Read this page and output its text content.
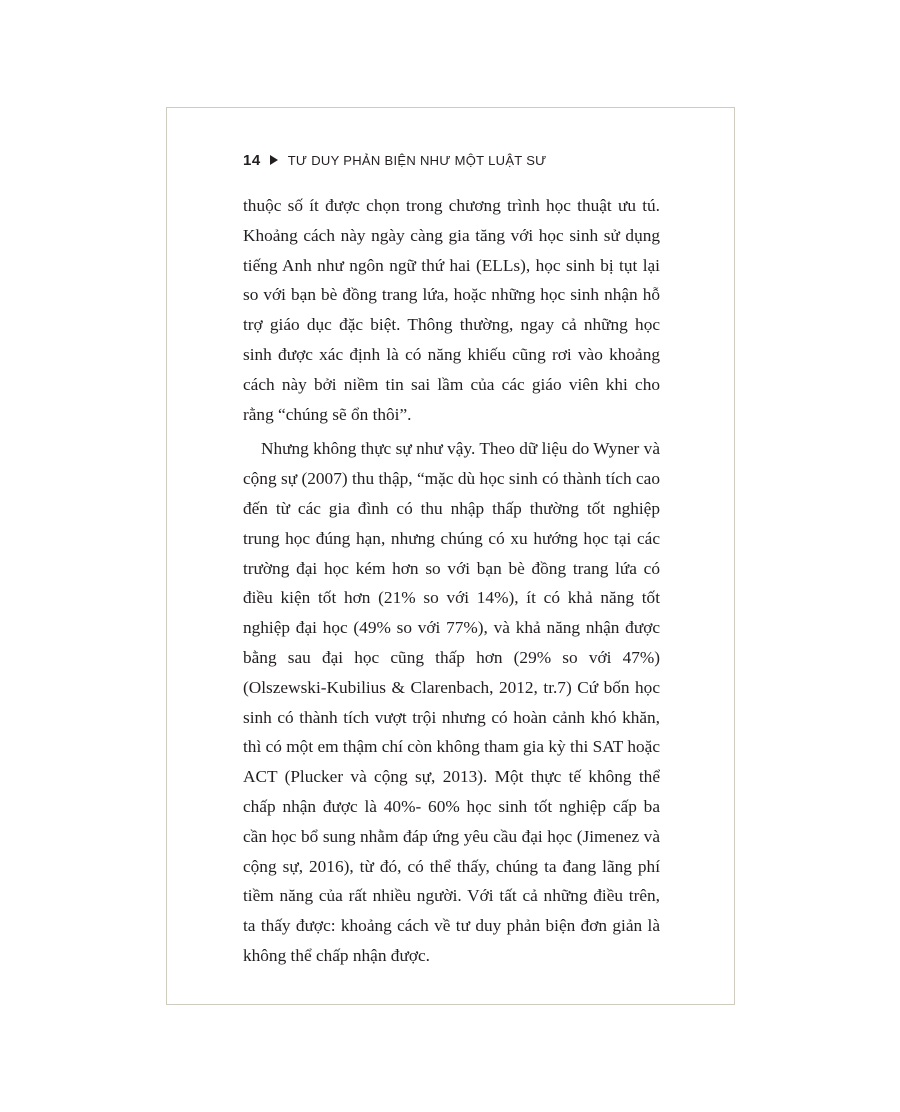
14 TƯ DUY PHẢN BIỆN NHƯ MỘT LUẬT SƯ

thuộc số ít được chọn trong chương trình học thuật ưu tú. Khoảng cách này ngày càng gia tăng với học sinh sử dụng tiếng Anh như ngôn ngữ thứ hai (ELLs), học sinh bị tụt lại so với bạn bè đồng trang lứa, hoặc những học sinh nhận hỗ trợ giáo dục đặc biệt. Thông thường, ngay cả những học sinh được xác định là có năng khiếu cũng rơi vào khoảng cách này bởi niềm tin sai lầm của các giáo viên khi cho rằng “chúng sẽ ổn thôi”.

Nhưng không thực sự như vậy. Theo dữ liệu do Wyner và cộng sự (2007) thu thập, “mặc dù học sinh có thành tích cao đến từ các gia đình có thu nhập thấp thường tốt nghiệp trung học đúng hạn, nhưng chúng có xu hướng học tại các trường đại học kém hơn so với bạn bè đồng trang lứa có điều kiện tốt hơn (21% so với 14%), ít có khả năng tốt nghiệp đại học (49% so với 77%), và khả năng nhận được bằng sau đại học cũng thấp hơn (29% so với 47%) (Olszewski-Kubilius & Clarenbach, 2012, tr.7) Cứ bốn học sinh có thành tích vượt trội nhưng có hoàn cảnh khó khăn, thì có một em thậm chí còn không tham gia kỳ thi SAT hoặc ACT (Plucker và cộng sự, 2013). Một thực tế không thể chấp nhận được là 40%- 60% học sinh tốt nghiệp cấp ba cần học bổ sung nhằm đáp ứng yêu cầu đại học (Jimenez và cộng sự, 2016), từ đó, có thể thấy, chúng ta đang lãng phí tiềm năng của rất nhiều người. Với tất cả những điều trên, ta thấy được: khoảng cách về tư duy phản biện đơn giản là không thể chấp nhận được.
